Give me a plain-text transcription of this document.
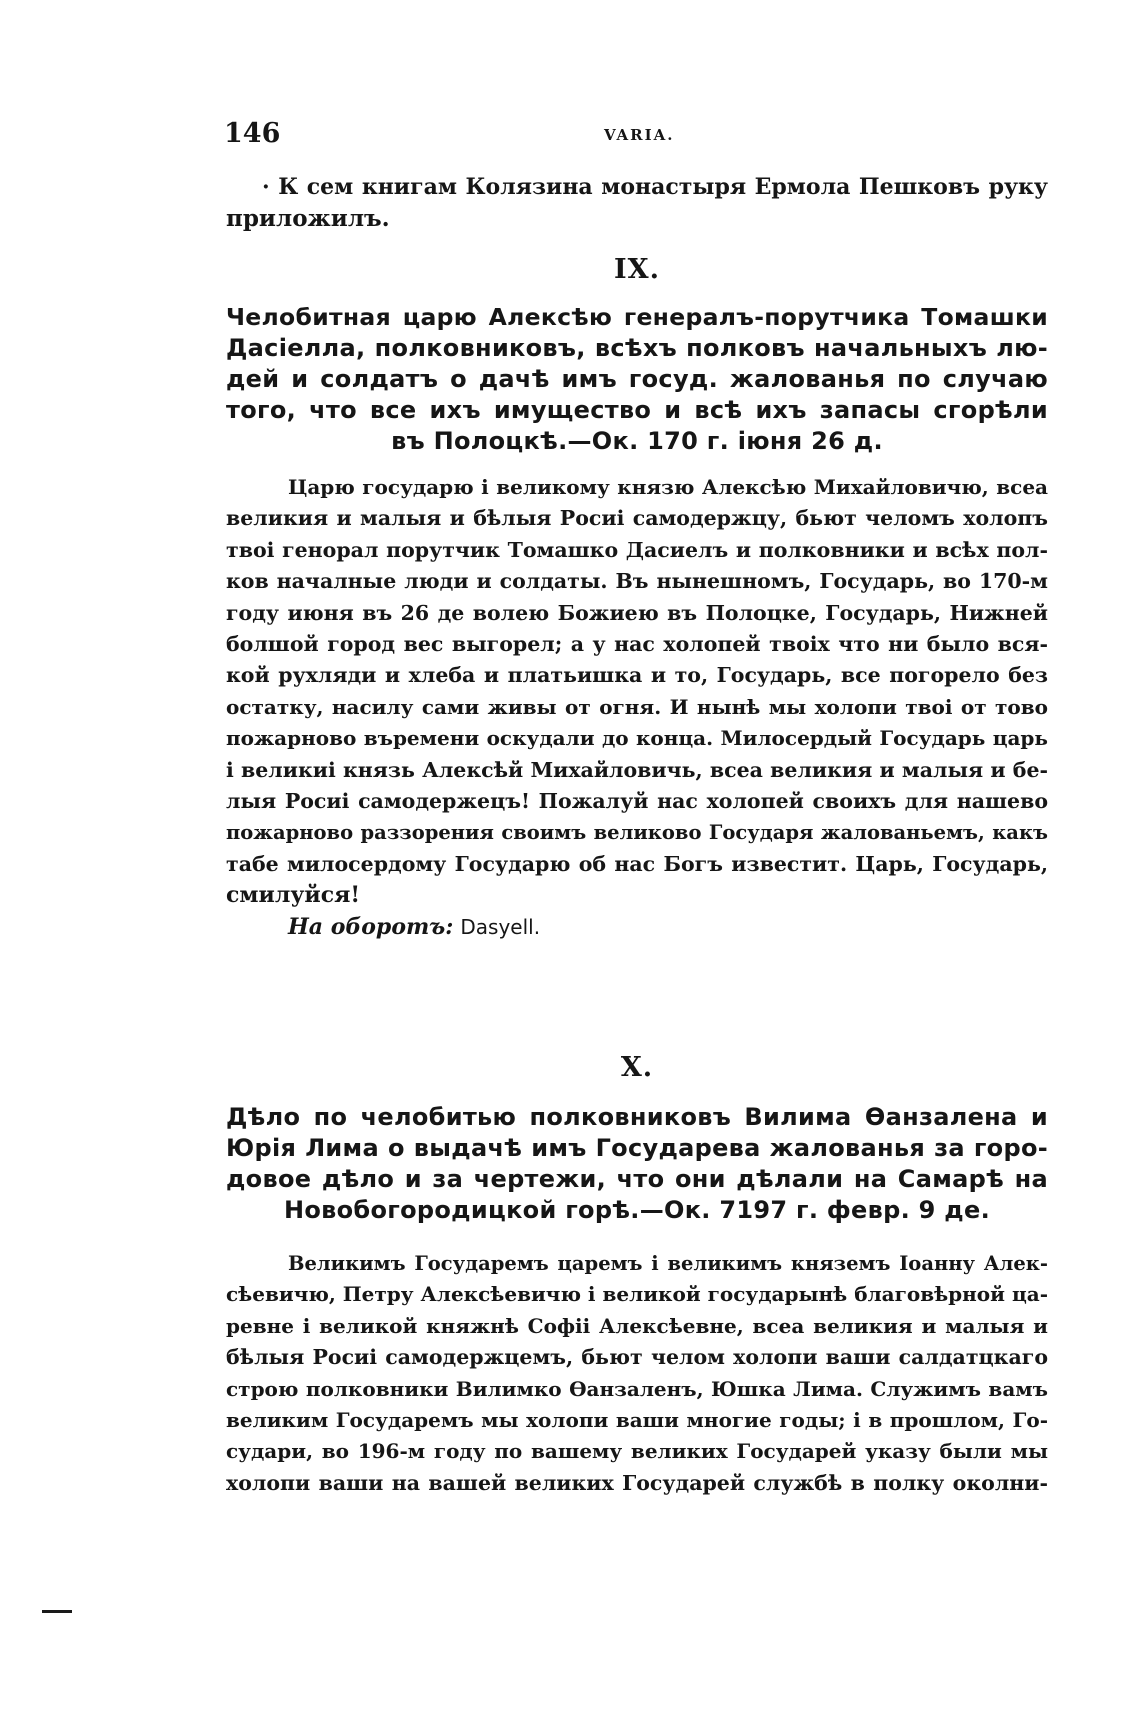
146	VARIA.
· К сем книгам Колязина монастыря Ермола Пешковъ руку
приложилъ.
IX.
Челобитная царю Алексѣю генералъ-порутчика Томашки
Дасіелла, полковниковъ, всѣхъ полковъ начальныхъ лю-
дей и солдатъ о дачѣ имъ госуд. жалованья по случаю
того, что все ихъ имущество и всѣ ихъ запасы сгорѣли
въ Полоцкѣ.—Ок. 170 г. іюня 26 д.
Царю государю і великому князю Алексѣю Михайловичю, всеа
великия и малыя и бѣлыя Росиі самодержцу, бьют челомъ холопъ
твоі генорал порутчик Томашко Дасиелъ и полковники и всѣх пол-
ков началные люди и солдаты. Въ нынешномъ, Государь, во 170-м
году июня въ 26 де волею Божиею въ Полоцке, Государь, Нижней
болшой город вес выгорел; а у нас холопей твоіх что ни было вся-
кой рухляди и хлеба и платьишка и то, Государь, все погорело без
остатку, насилу сами живы от огня. И нынѣ мы холопи твоі от тово
пожарново въремени оскудали до конца. Милосердый Государь царь
і великиі князь Алексѣй Михайловичь, всеа великия и малыя и бе-
лыя Росиі самодержецъ! Пожалуй нас холопей своихъ для нашево
пожарново раззорения своимъ великово Государя жалованьемъ, какъ
табе милосердому Государю об нас Богъ известит. Царь, Государь,
смилуйся!
На оборотъ: Dasyell.
X.
Дѣло по челобитью полковниковъ Вилима Ѳанзалена и
Юрія Лима о выдачѣ имъ Государева жалованья за горо-
довое дѣло и за чертежи, что они дѣлали на Самарѣ на
Новобогородицкой горѣ.—Ок. 7197 г. февр. 9 де.
Великимъ Государемъ царемъ і великимъ княземъ Іоанну Алек-
сѣевичю, Петру Алексѣевичю і великой государынѣ благовѣрной ца-
ревне і великой княжнѣ Софіі Алексѣевне, всеа великия и малыя и
бѣлыя Росиі самодержцемъ, бьют челом холопи ваши салдатцкаго
строю полковники Вилимко Ѳанзаленъ, Юшка Лима. Служимъ вамъ
великим Государемъ мы холопи ваши многие годы; і в прошлом, Го-
судари, во 196-м году по вашему великих Государей указу были мы
холопи ваши на вашей великих Государей службѣ в полку околни-
